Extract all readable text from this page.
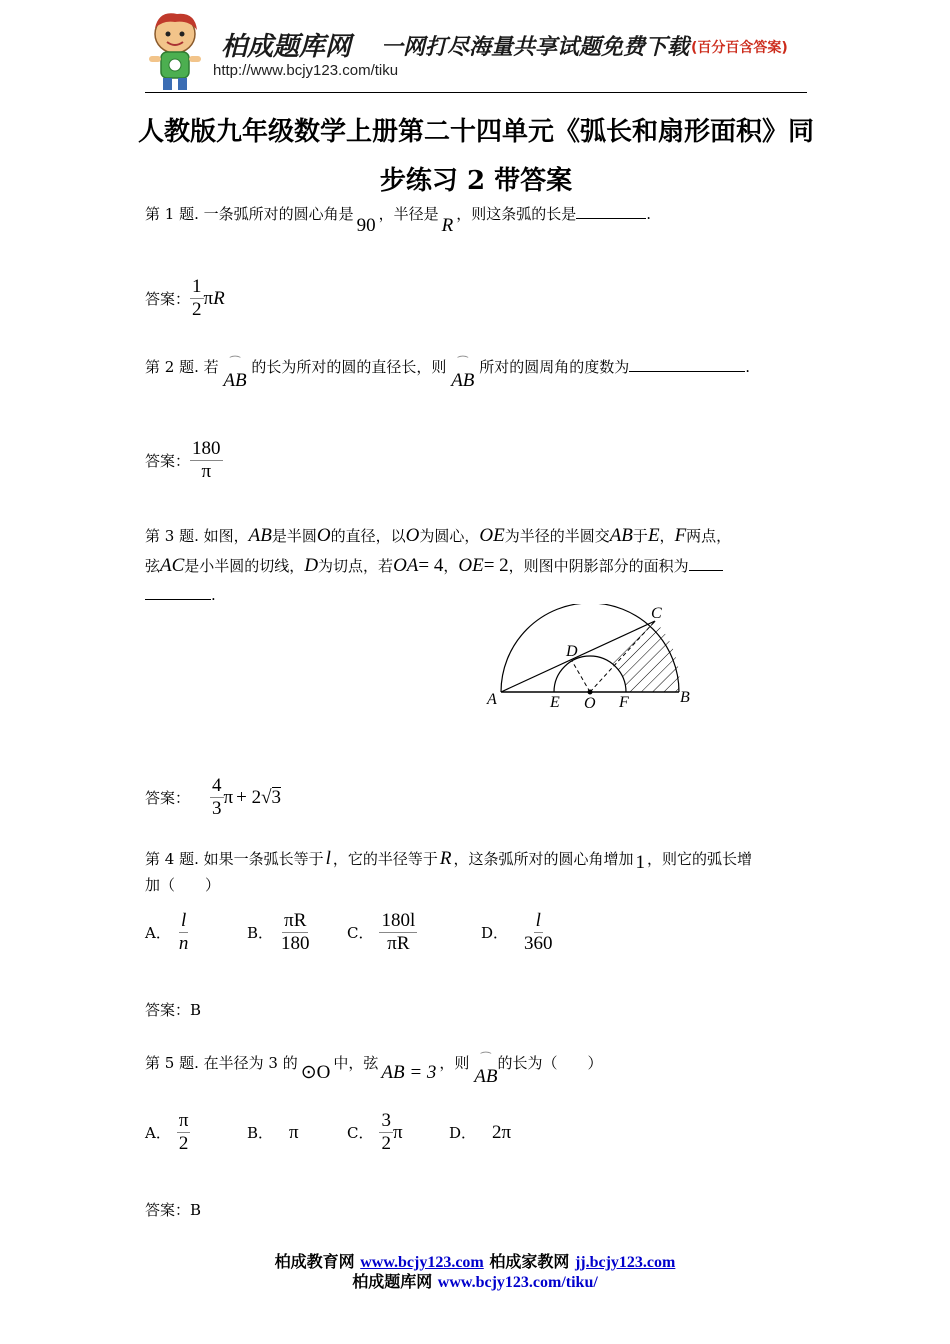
柏成题库网 一网打尽海量共享试题免费下载 (百分百含答案)
http://www.bcjy123.com/tiku
人教版九年级数学上册第二十四单元《弧长和扇形面积》同
步练习 2 带答案
第 1 题. 一条弧所对的圆心角是90，半径是R，则这条弧的长是	.
答案： $\frac{1}{2}$ π R
第 2 题. 若 ⁀
AB
的长为所对的圆的直径长，则 ⁀
AB
所对的圆周角的度数为	.
答案： $\frac{180}{\pi}$
第 3 题. 如图，AB是半圆O的直径，以O为圆心，OE为半径的半圆交AB于E，F两点，
弦AC是小半圆的切线，D为切点，若OA= 4，OE= 2，则图中阴影部分的面积为
.
A	B
C
D
E O F
答案： $\frac{4}{3}$ π + 2 √ 3
第 4 题. 如果一条弧长等于 l ，它的半径等于 R ，这条弧所对的圆心角增加 1 ，则它的弧长增
加（　　）
A． $\frac{l}{n}$	B． $\frac{\pi R}{180}$ C． $\frac{180l}{\pi R}$	D． $\frac{l}{360}$
答案：B
第 5 题. 在半径为 3 的 ⊙O 中，弦 AB = 3 ，则 ⁀
AB
的长为（　　）
A． $\frac{\pi}{2}$	B． π	C． $\frac{3}{2}$ π	D． 2π
答案：B
柏成教育网 www.bcjy123.com 柏成家教网 jj.bcjy123.com
柏成题库网 www.bcjy123.com/tiku/
